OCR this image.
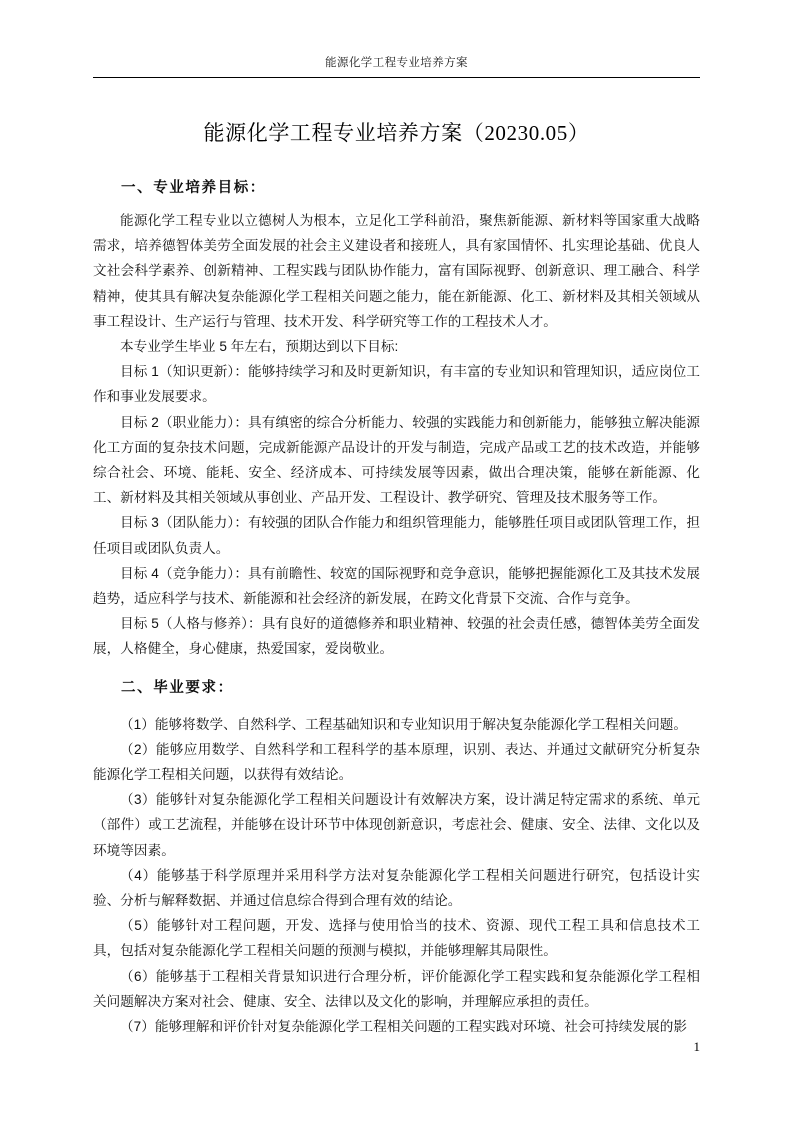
能源化学工程专业培养方案
能源化学工程专业培养方案（20230.05）
一、专业培养目标：

能源化学工程专业以立德树人为根本，立足化工学科前沿，聚焦新能源、新材料等国家重大战略需求，培养德智体美劳全面发展的社会主义建设者和接班人，具有家国情怀、扎实理论基础、优良人文社会科学素养、创新精神、工程实践与团队协作能力，富有国际视野、创新意识、理工融合、科学精神，使其具有解决复杂能源化学工程相关问题之能力，能在新能源、化工、新材料及其相关领域从事工程设计、生产运行与管理、技术开发、科学研究等工作的工程技术人才。

本专业学生毕业 5 年左右，预期达到以下目标:

目标 1（知识更新）：能够持续学习和及时更新知识，有丰富的专业知识和管理知识，适应岗位工作和事业发展要求。

目标 2（职业能力）：具有缜密的综合分析能力、较强的实践能力和创新能力，能够独立解决能源化工方面的复杂技术问题，完成新能源产品设计的开发与制造，完成产品或工艺的技术改造，并能够综合社会、环境、能耗、安全、经济成本、可持续发展等因素，做出合理决策，能够在新能源、化工、新材料及其相关领域从事创业、产品开发、工程设计、教学研究、管理及技术服务等工作。

目标 3（团队能力）：有较强的团队合作能力和组织管理能力，能够胜任项目或团队管理工作，担任项目或团队负责人。

目标 4（竞争能力）：具有前瞻性、较宽的国际视野和竞争意识，能够把握能源化工及其技术发展趋势，适应科学与技术、新能源和社会经济的新发展，在跨文化背景下交流、合作与竞争。

目标 5（人格与修养）：具有良好的道德修养和职业精神、较强的社会责任感，德智体美劳全面发展，人格健全，身心健康，热爱国家，爱岗敬业。

二、毕业要求：

（1）能够将数学、自然科学、工程基础知识和专业知识用于解决复杂能源化学工程相关问题。

（2）能够应用数学、自然科学和工程科学的基本原理，识别、表达、并通过文献研究分析复杂能源化学工程相关问题，以获得有效结论。

（3）能够针对复杂能源化学工程相关问题设计有效解决方案，设计满足特定需求的系统、单元（部件）或工艺流程，并能够在设计环节中体现创新意识，考虑社会、健康、安全、法律、文化以及环境等因素。

（4）能够基于科学原理并采用科学方法对复杂能源化学工程相关问题进行研究，包括设计实验、分析与解释数据、并通过信息综合得到合理有效的结论。

（5）能够针对工程问题，开发、选择与使用恰当的技术、资源、现代工程工具和信息技术工具，包括对复杂能源化学工程相关问题的预测与模拟，并能够理解其局限性。

（6）能够基于工程相关背景知识进行合理分析，评价能源化学工程实践和复杂能源化学工程相关问题解决方案对社会、健康、安全、法律以及文化的影响，并理解应承担的责任。

（7）能够理解和评价针对复杂能源化学工程相关问题的工程实践对环境、社会可持续发展的影

1
